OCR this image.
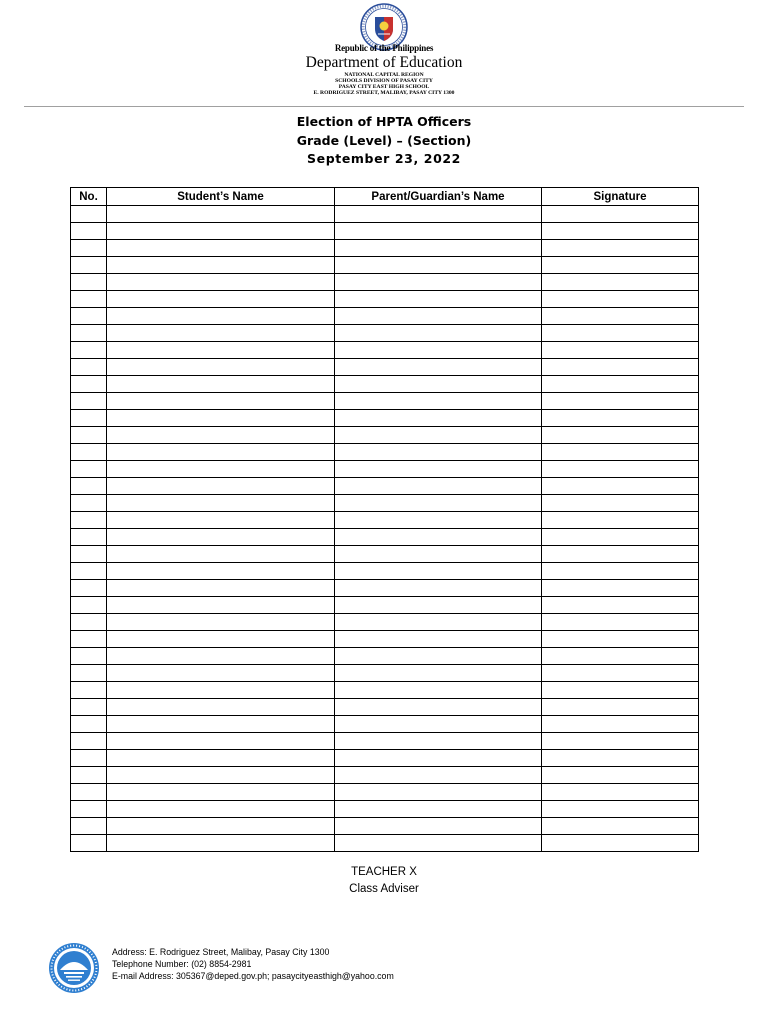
Republic of the Philippines
Department of Education
NATIONAL CAPITAL REGION
SCHOOLS DIVISION OF PASAY CITY
PASAY CITY EAST HIGH SCHOOL
E. RODRIGUEZ STREET, MALIBAY, PASAY CITY 1300
Election of HPTA Officers
Grade (Level) – (Section)
September 23, 2022
No.	Student’s Name	Parent/Guardian’s Name	Signature

TEACHER X
Class Adviser
Address: E. Rodriguez Street, Malibay, Pasay City 1300
Telephone Number: (02) 8854-2981
E-mail Address: 305367@deped.gov.ph; pasaycityeasthigh@yahoo.com
